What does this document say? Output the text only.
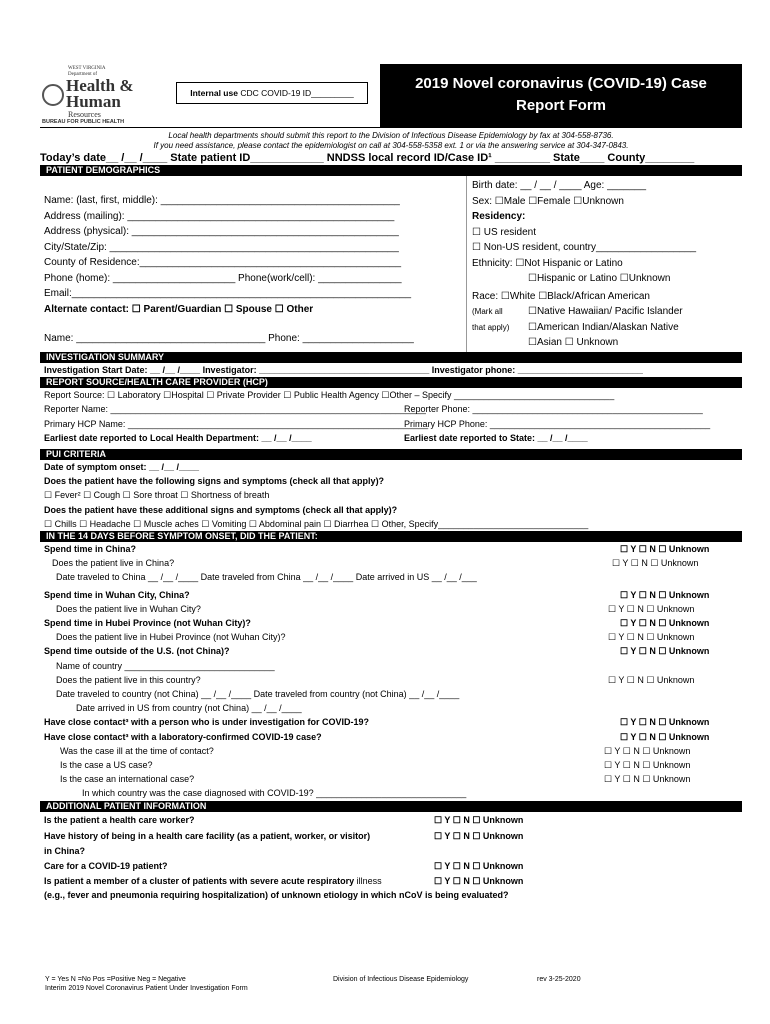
WEST VIRGINIA
Department of
Health &
Human
Resources
BUREAU FOR PUBLIC HEALTH
Internal use CDC COVID-19 ID_________
2019 Novel coronavirus (COVID-19) Case
Report Form
Local health departments should submit this report to the Division of Infectious Disease Epidemiology by fax at 304-558-8736.
If you need assistance, please contact the epidemiologist on call at 304-558-5358 ext. 1 or via the answering service at 304-347-0843.
Today’s date__ /__ /____ State patient ID____________ NNDSS local record ID/Case ID¹ _________ State____ County________
PATIENT DEMOGRAPHICS
Name: (last, first, middle): ___________________________________________
Address (mailing): ________________________________________________
Address (physical): ________________________________________________
City/State/Zip: ____________________________________________________
County of Residence:_______________________________________________
Phone (home): ______________________ Phone(work/cell): _______________
Email:_____________________________________________________________
Alternate contact: ☐ Parent/Guardian ☐ Spouse ☐ Other
Name: __________________________________ Phone: ____________________
Birth date: __ / __ / ____ Age: _______
Sex: ☐Male ☐Female ☐Unknown
Residency:
☐ US resident
☐ Non-US resident, country__________________
Ethnicity: ☐Not Hispanic or Latino
☐Hispanic or Latino ☐Unknown
Race: ☐White ☐Black/African American
(Mark all	☐Native Hawaiian/ Pacific Islander
that apply) ☐American Indian/Alaskan Native
☐Asian ☐ Unknown
INVESTIGATION SUMMARY
Investigation Start Date: __ /__ /____ Investigator: __________________________________ Investigator phone: _________________________
REPORT SOURCE/HEALTH CARE PROVIDER (HCP)
Report Source: ☐ Laboratory ☐Hospital ☐ Private Provider ☐ Public Health Agency ☐Other – Specify ________________________________
Reporter Name: _______________________________________________________________
Reporter Phone: ______________________________________________
Primary HCP Name: ____________________________________________________________
Primary HCP Phone: ____________________________________________
Earliest date reported to Local Health Department: __ /__ /____	Earliest date reported to State: __ /__ /____
PUI CRITERIA
Date of symptom onset: __ /__ /____
Does the patient have the following signs and symptoms (check all that apply)?
☐ Fever² ☐ Cough ☐ Sore throat ☐ Shortness of breath
Does the patient have these additional signs and symptoms (check all that apply)?
☐ Chills ☐ Headache ☐ Muscle aches ☐ Vomiting ☐ Abdominal pain ☐ Diarrhea ☐ Other, Specify______________________________
IN THE 14 DAYS BEFORE SYMPTOM ONSET, DID THE PATIENT:
Spend time in China?	☐ Y ☐ N ☐ Unknown
Does the patient live in China?	☐ Y ☐ N ☐ Unknown
Date traveled to China __ /__ /____ Date traveled from China __ /__ /____ Date arrived in US __ /__ /___
Spend time in Wuhan City, China?	☐ Y ☐ N ☐ Unknown
Does the patient live in Wuhan City?	☐ Y ☐ N ☐ Unknown
Spend time in Hubei Province (not Wuhan City)?	☐ Y ☐ N ☐ Unknown
Does the patient live in Hubei Province (not Wuhan City)?	☐ Y ☐ N ☐ Unknown
Spend time outside of the U.S. (not China)?	☐ Y ☐ N ☐ Unknown
Name of country ______________________________
Does the patient live in this country?	☐ Y ☐ N ☐ Unknown
Date traveled to country (not China) __ /__ /____ Date traveled from country (not China) __ /__ /____
Date arrived in US from country (not China) __ /__ /____
Have close contact³ with a person who is under investigation for COVID-19?	☐ Y ☐ N ☐ Unknown
Have close contact³ with a laboratory-confirmed COVID-19 case?	☐ Y ☐ N ☐ Unknown
Was the case ill at the time of contact?	☐ Y ☐ N ☐ Unknown
Is the case a US case?	☐ Y ☐ N ☐ Unknown
Is the case an international case?	☐ Y ☐ N ☐ Unknown
In which country was the case diagnosed with COVID-19? ______________________________
ADDITIONAL PATIENT INFORMATION
Is the patient a health care worker?	☐ Y ☐ N ☐ Unknown
Have history of being in a health care facility (as a patient, worker, or visitor)	☐ Y ☐ N ☐ Unknown
in China?
Care for a COVID-19 patient?	☐ Y ☐ N ☐ Unknown
Is patient a member of a cluster of patients with severe acute respiratory illness	☐ Y ☐ N ☐ Unknown
(e.g., fever and pneumonia requiring hospitalization) of unknown etiology in which nCoV is being evaluated?
Y = Yes N =No Pos =Positive Neg = Negative
Interim 2019 Novel Coronavirus Patient Under Investigation Form
Division of Infectious Disease Epidemiology	rev 3-25-2020
